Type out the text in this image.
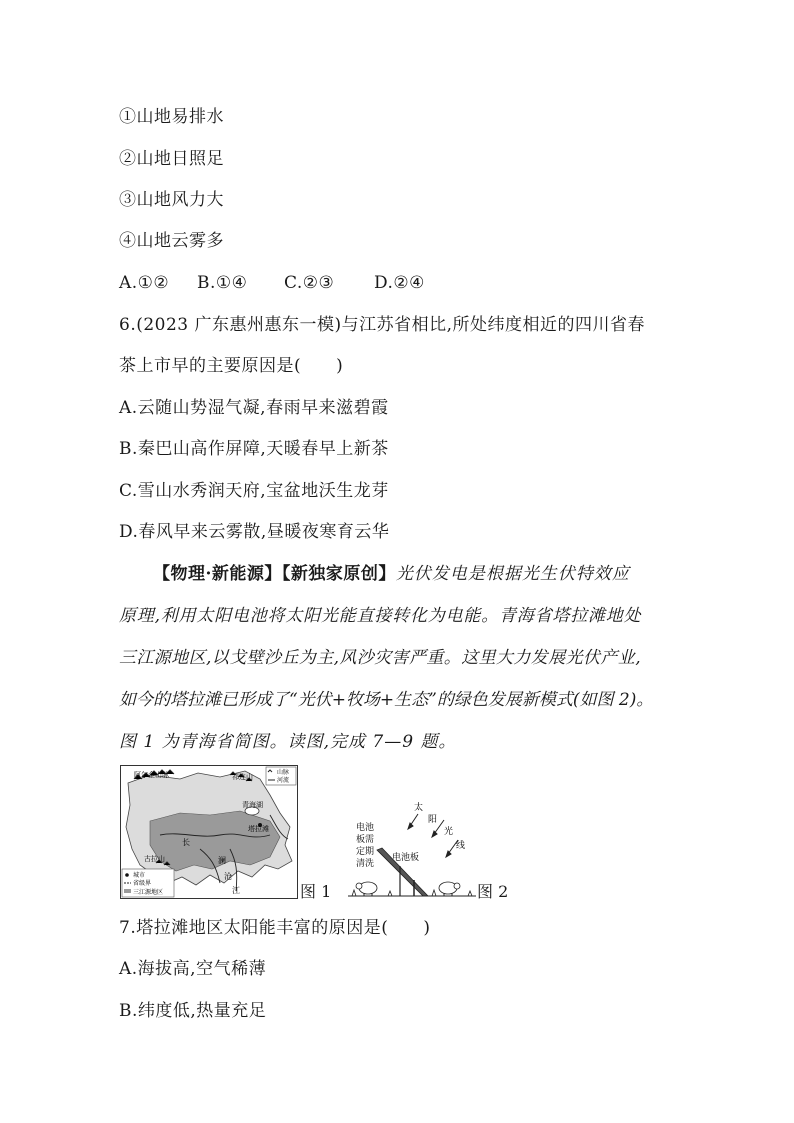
①山地易排水
②山地日照足
③山地风力大
④山地云雾多
A.①② B.①④ C.②③ D.②④
6.(2023 广东惠州惠东一模)与江苏省相比,所处纬度相近的四川省春
茶上市早的主要原因是(　　)
A.云随山势湿气凝,春雨早来滋碧霞
B.秦巴山高作屏障,天暖春早上新茶
C.雪山水秀润天府,宝盆地沃生龙芽
D.春风早来云雾散,昼暖夜寒育云华
【物理·新能源】【新独家原创】光伏发电是根据光生伏特效应
原理,利用太阳电池将太阳光能直接转化为电能。青海省塔拉滩地处
三江源地区,以戈壁沙丘为主,风沙灾害严重。这里大力发展光伏产业,
如今的塔拉滩已形成了“光伏+牧场+生态”的绿色发展新模式(如图 2)。
图 1 为青海省简图。读图,完成 7—9 题。
阿尔金山脉	祁连山
山脉
河流
青海湖
塔拉滩
长
澜
沧
江
古拉山
城市
省级界
三江源地区	图 1
太
阳
光
线
电池
板需
定期
清洗
电池板
图 2
7.塔拉滩地区太阳能丰富的原因是(　　)
A.海拔高,空气稀薄
B.纬度低,热量充足
